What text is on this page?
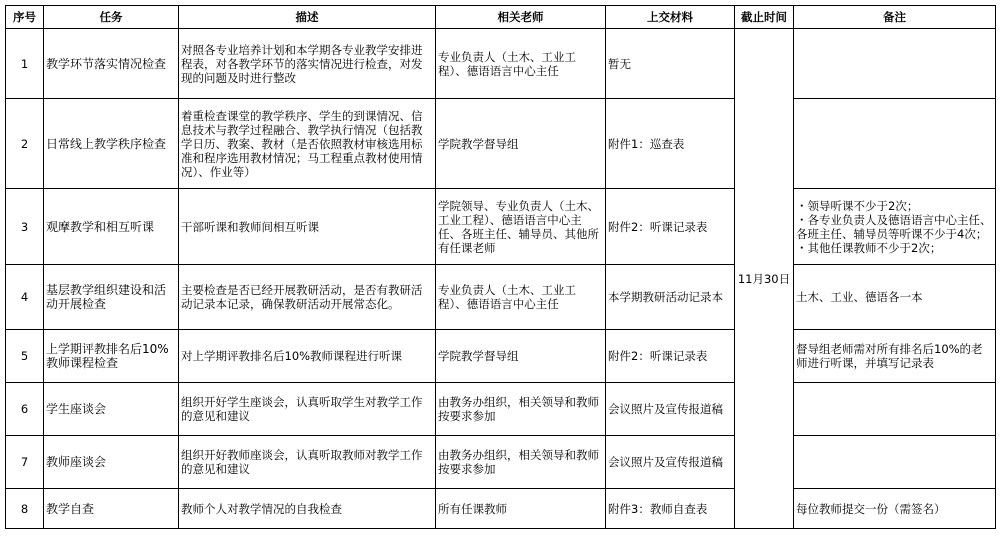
序号	任务	描述	相关老师	上交材料	截止时间	备注
1	教学环节落实情况检查	对照各专业培养计划和本学期各专业教学安排进程表，对各教学环节的落实情况进行检查，对发现的问题及时进行整改	专业负责人（土木、工业工程）、德语语言中心主任	暂无	11月30日	
2	日常线上教学秩序检查	着重检查课堂的教学秩序、学生的到课情况、信息技术与教学过程融合、教学执行情况（包括教学日历、教案、教材（是否依照教材审核选用标准和程序选用教材情况；马工程重点教材使用情况）、作业等）	学院教学督导组	附件1：巡查表		
3	观摩教学和相互听课	干部听课和教师间相互听课	学院领导、专业负责人（土木、工业工程）、德语语言中心主任、各班主任、辅导员、其他所有任课老师	附件2：听课记录表		・领导听课不少于2次；
・各专业负责人及德语语言中心主任、各班主任、辅导员等听课不少于4次；
・其他任课教师不少于2次；
4	基层教学组织建设和活动开展检查	主要检查是否已经开展教研活动，是否有教研活动记录本记录，确保教研活动开展常态化。	专业负责人（土木、工业工程）、德语语言中心主任	本学期教研活动记录本		土木、工业、德语各一本
5	上学期评教排名后10%教师课程检查	对上学期评教排名后10%教师课程进行听课	学院教学督导组	附件2：听课记录表		督导组老师需对所有排名后10%的老师进行听课，并填写记录表
6	学生座谈会	组织开好学生座谈会，认真听取学生对教学工作的意见和建议	由教务办组织，相关领导和教师按要求参加	会议照片及宣传报道稿		
7	教师座谈会	组织开好教师座谈会，认真听取教师对教学工作的意见和建议	由教务办组织，相关领导和教师按要求参加	会议照片及宣传报道稿		
8	教学自查	教师个人对教学情况的自我检查	所有任课教师	附件3：教师自查表		每位教师提交一份（需签名）
